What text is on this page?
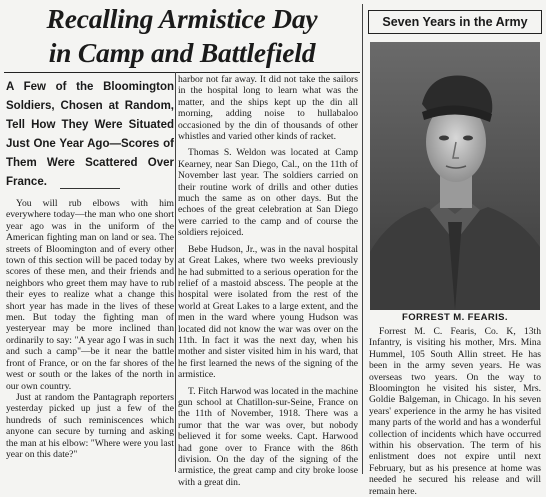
Recalling Armistice Day
in Camp and Battlefield
A Few of the Bloomington Soldiers, Chosen at Random, Tell How They Were Situated Just One Year Ago—Scores of Them Were Scattered Over France.

You will rub elbows with him everywhere today—the man who one short year ago was in the uniform of the American fighting man on land or sea. The streets of Bloomington and of every other town of this section will be paced today by scores of these men, and their friends and neighbors who greet them may have to rub their eyes to realize what a change this short year has made in the lives of these men. But today the fighting man of yesteryear may be more inclined than ordinarily to say: "A year ago I was in such and such a camp"—be it near the battle front of France, or on the far shores of the west or south or the lakes of the north in our own country.

Just at random the Pantagraph reporters yesterday picked up just a few of the hundreds of such reminiscences which anyone can secure by turning and asking the man at his elbow: "Where were you last year on this date?"

harbor not far away. It did not take the sailors in the hospital long to learn what was the matter, and the ships kept up the din all morning, adding noise to hullabaloo occasioned by the din of thousands of other whistles and varied other kinds of racket.

Thomas S. Weldon was located at Camp Kearney, near San Diego, Cal., on the 11th of November last year. The soldiers carried on their routine work of drills and other duties much the same as on other days. But the echoes of the great celebration at San Diego were carried to the camp and of course the soldiers rejoiced.

Bebe Hudson, Jr., was in the naval hospital at Great Lakes, where two weeks previously he had submitted to a serious operation for the relief of a mastoid abscess. The people at the hospital were isolated from the rest of the world at Great Lakes to a large extent, and the men in the ward where young Hudson was located did not know the war was over on the 11th. In fact it was the next day, when his mother and sister visited him in his ward, that he first learned the news of the signing of the armistice.

T. Fitch Harwod was located in the machine gun school at Chatillon-sur-Seine, France on the 11th of November, 1918. There was a rumor that the war was over, but nobody believed it for some weeks. Capt. Harwood had gone over to France with the 86th division. On the day of the signing of the armistice, the great camp and city broke loose with a great din.

Seven Years in the Army
FORREST M. FEARIS.

Forrest M. C. Fearis, Co. K, 13th Infantry, is visiting his mother, Mrs. Mina Hummel, 105 South Allin street. He has been in the army seven years. He was overseas two years. On the way to Bloomington he visited his sister, Mrs. Goldie Balgeman, in Chicago. In his seven years' experience in the army he has visited many parts of the world and has a wonderful collection of incidents which have occurred within his observation. The term of his enlistment does not expire until next February, but as his presence at home was needed he secured his release and will remain here.
